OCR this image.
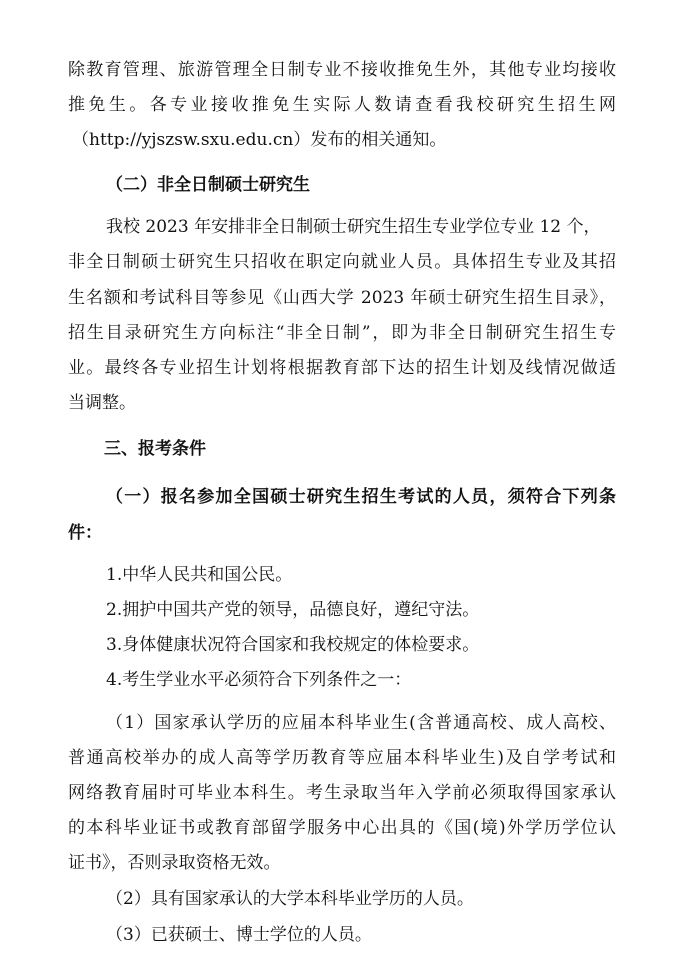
除教育管理、旅游管理全日制专业不接收推免生外，其他专业均接收
推免生。各专业接收推免生实际人数请查看我校研究生招生网
（http://yjszsw.sxu.edu.cn）发布的相关通知。
（二）非全日制硕士研究生
我校 2023 年安排非全日制硕士研究生招生专业学位专业 12 个，
非全日制硕士研究生只招收在职定向就业人员。具体招生专业及其招
生名额和考试科目等参见《山西大学 2023 年硕士研究生招生目录》，
招生目录研究生方向标注“非全日制”，即为非全日制研究生招生专
业。最终各专业招生计划将根据教育部下达的招生计划及线情况做适
当调整。
三、报考条件
（一）报名参加全国硕士研究生招生考试的人员，须符合下列条
件：
1.中华人民共和国公民。
2.拥护中国共产党的领导，品德良好，遵纪守法。
3.身体健康状况符合国家和我校规定的体检要求。
4.考生学业水平必须符合下列条件之一：
（1）国家承认学历的应届本科毕业生(含普通高校、成人高校、
普通高校举办的成人高等学历教育等应届本科毕业生)及自学考试和
网络教育届时可毕业本科生。考生录取当年入学前必须取得国家承认
的本科毕业证书或教育部留学服务中心出具的《国(境)外学历学位认
证书》，否则录取资格无效。
（2）具有国家承认的大学本科毕业学历的人员。
（3）已获硕士、博士学位的人员。
